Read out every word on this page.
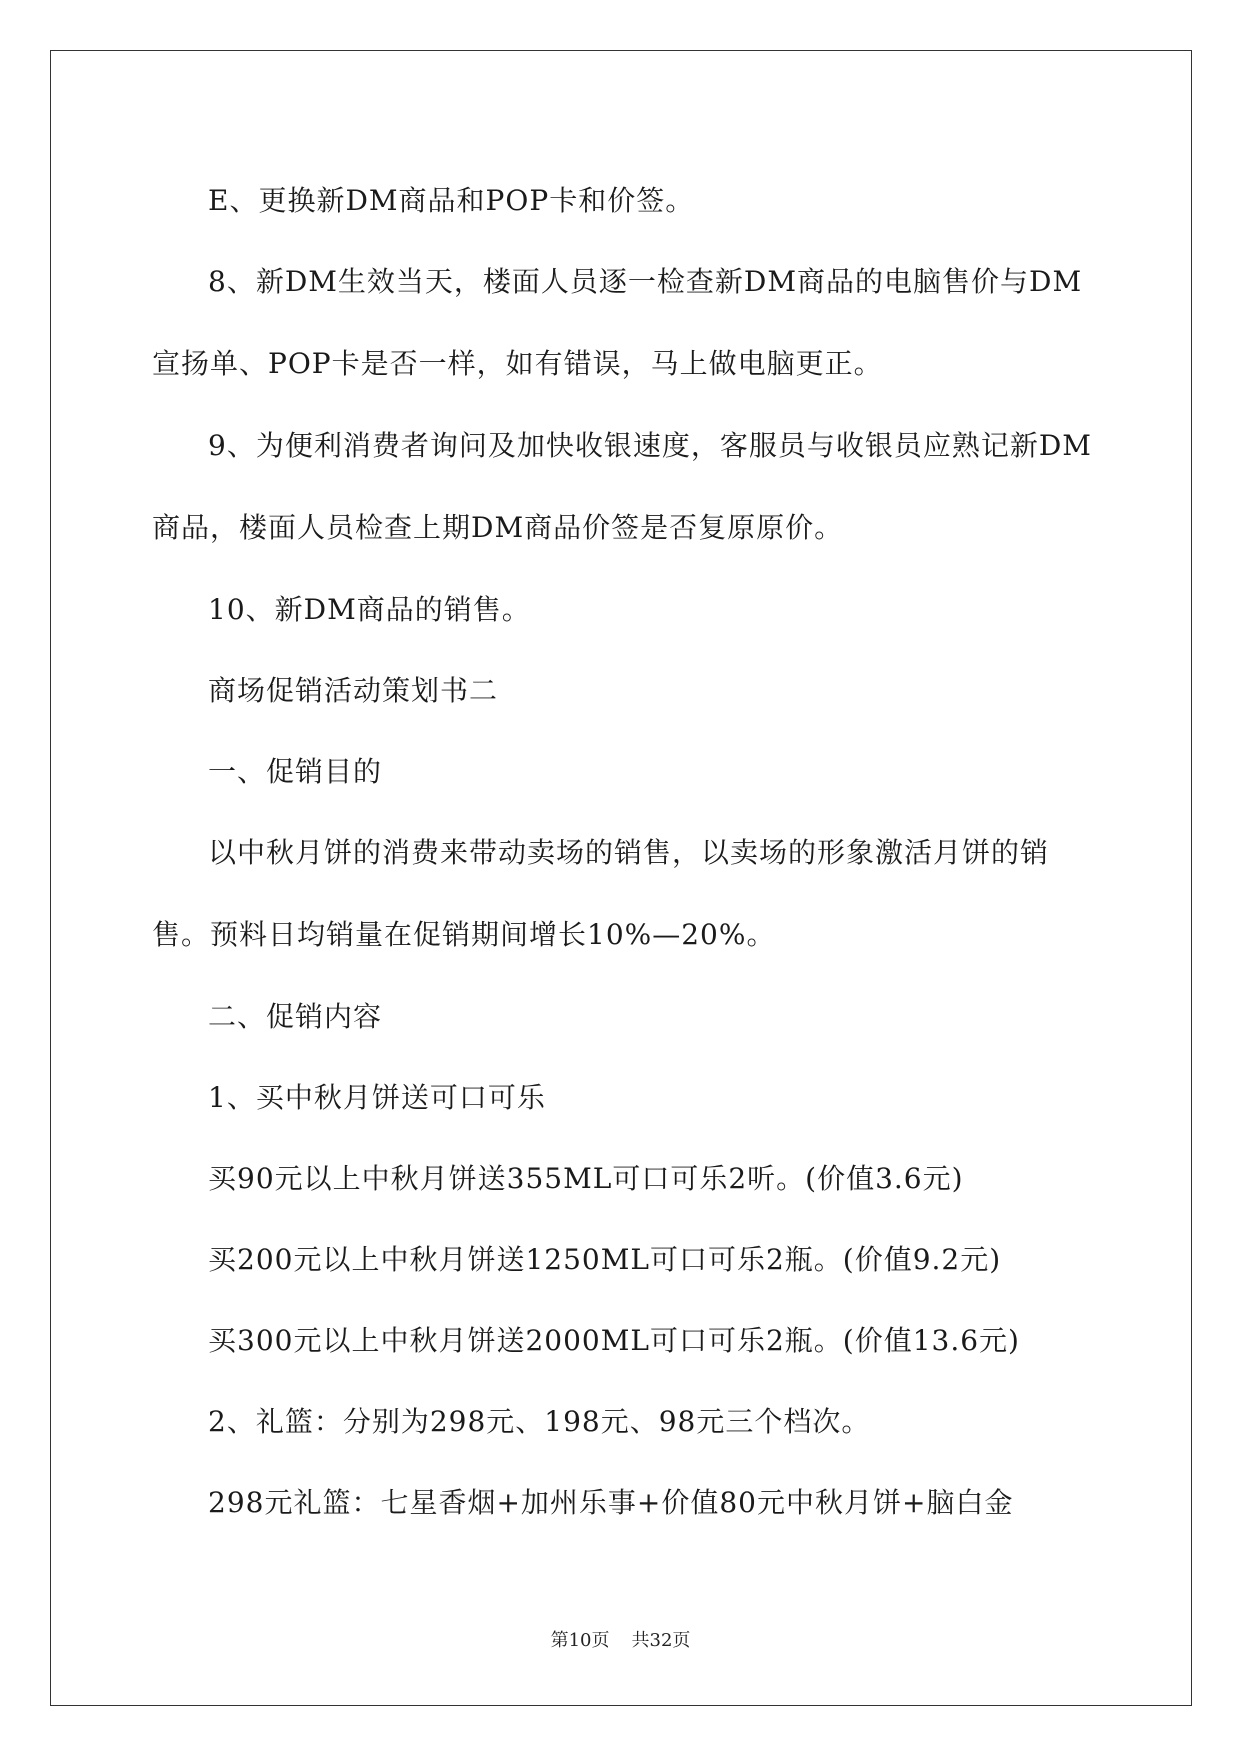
E、更换新DM商品和POP卡和价签。

8、新DM生效当天，楼面人员逐一检查新DM商品的电脑售价与DM宣扬单、POP卡是否一样，如有错误，马上做电脑更正。

9、为便利消费者询问及加快收银速度，客服员与收银员应熟记新DM商品，楼面人员检查上期DM商品价签是否复原原价。

10、新DM商品的销售。

商场促销活动策划书二

一、促销目的

以中秋月饼的消费来带动卖场的销售，以卖场的形象激活月饼的销售。预料日均销量在促销期间增长10%—20%。

二、促销内容

1、买中秋月饼送可口可乐

买90元以上中秋月饼送355ML可口可乐2听。(价值3.6元)

买200元以上中秋月饼送1250ML可口可乐2瓶。(价值9.2元)

买300元以上中秋月饼送2000ML可口可乐2瓶。(价值13.6元)

2、礼篮：分别为298元、198元、98元三个档次。

298元礼篮：七星香烟+加州乐事+价值80元中秋月饼+脑白金

第10页 共32页
